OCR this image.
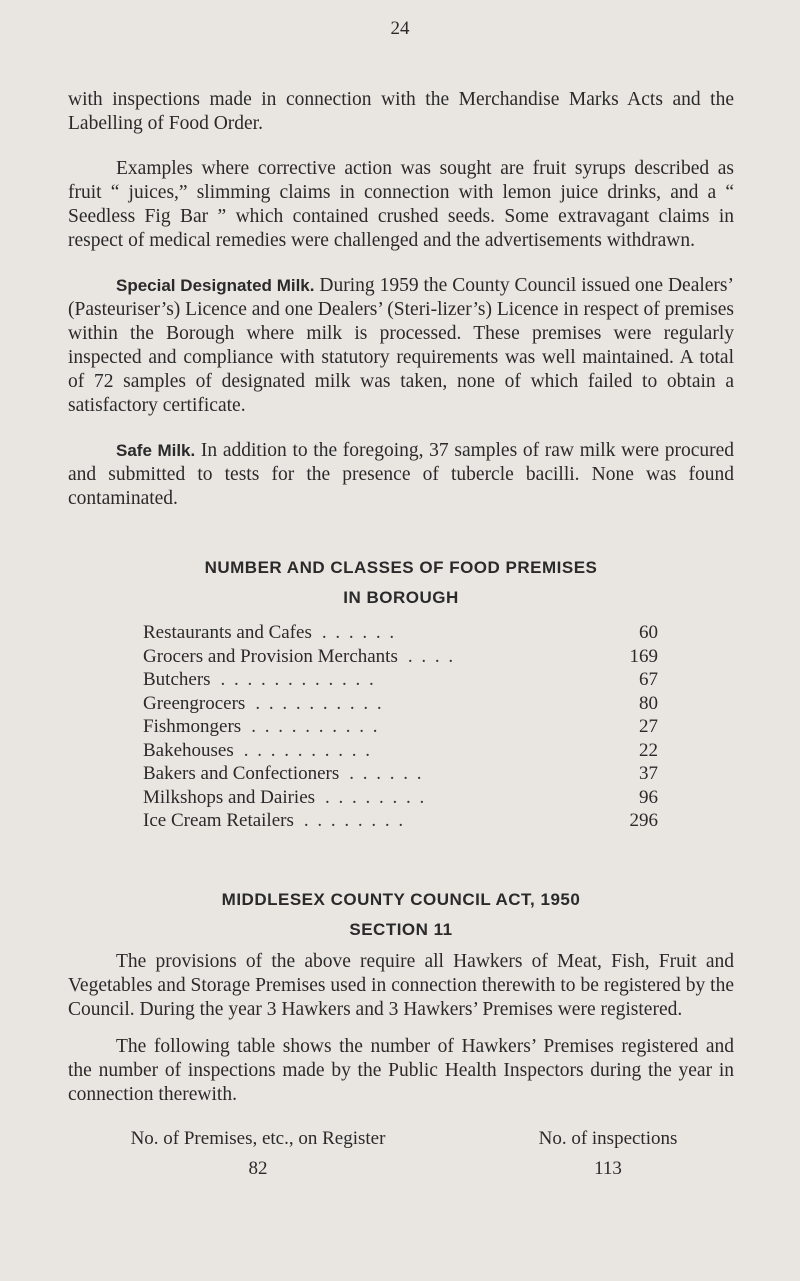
24

with inspections made in connection with the Merchandise Marks Acts and the Labelling of Food Order.

Examples where corrective action was sought are fruit syrups described as fruit “ juices,” slimming claims in connection with lemon juice drinks, and a “ Seedless Fig Bar ” which contained crushed seeds. Some extravagant claims in respect of medical remedies were challenged and the advertisements withdrawn.

Special Designated Milk. During 1959 the County Council issued one Dealers’ (Pasteuriser’s) Licence and one Dealers’ (Steri-lizer’s) Licence in respect of premises within the Borough where milk is processed. These premises were regularly inspected and compliance with statutory requirements was well maintained. A total of 72 samples of designated milk was taken, none of which failed to obtain a satisfactory certificate.

Safe Milk. In addition to the foregoing, 37 samples of raw milk were procured and submitted to tests for the presence of tubercle bacilli. None was found contaminated.

NUMBER AND CLASSES OF FOOD PREMISES
IN BOROUGH
Restaurants and Cafes . . . . . .	60
Grocers and Provision Merchants . . . .	169
Butchers . . . . . . . . . . . .	67
Greengrocers . . . . . . . . . .	80
Fishmongers . . . . . . . . . .	27
Bakehouses . . . . . . . . . .	22
Bakers and Confectioners . . . . . .	37
Milkshops and Dairies . . . . . . . .	96
Ice Cream Retailers . . . . . . . .	296
MIDDLESEX COUNTY COUNCIL ACT, 1950
SECTION 11

The provisions of the above require all Hawkers of Meat, Fish, Fruit and Vegetables and Storage Premises used in connection therewith to be registered by the Council. During the year 3 Hawkers and 3 Hawkers’ Premises were registered.

The following table shows the number of Hawkers’ Premises registered and the number of inspections made by the Public Health Inspectors during the year in connection therewith.

No. of Premises, etc., on Register	No. of inspections
82	113
